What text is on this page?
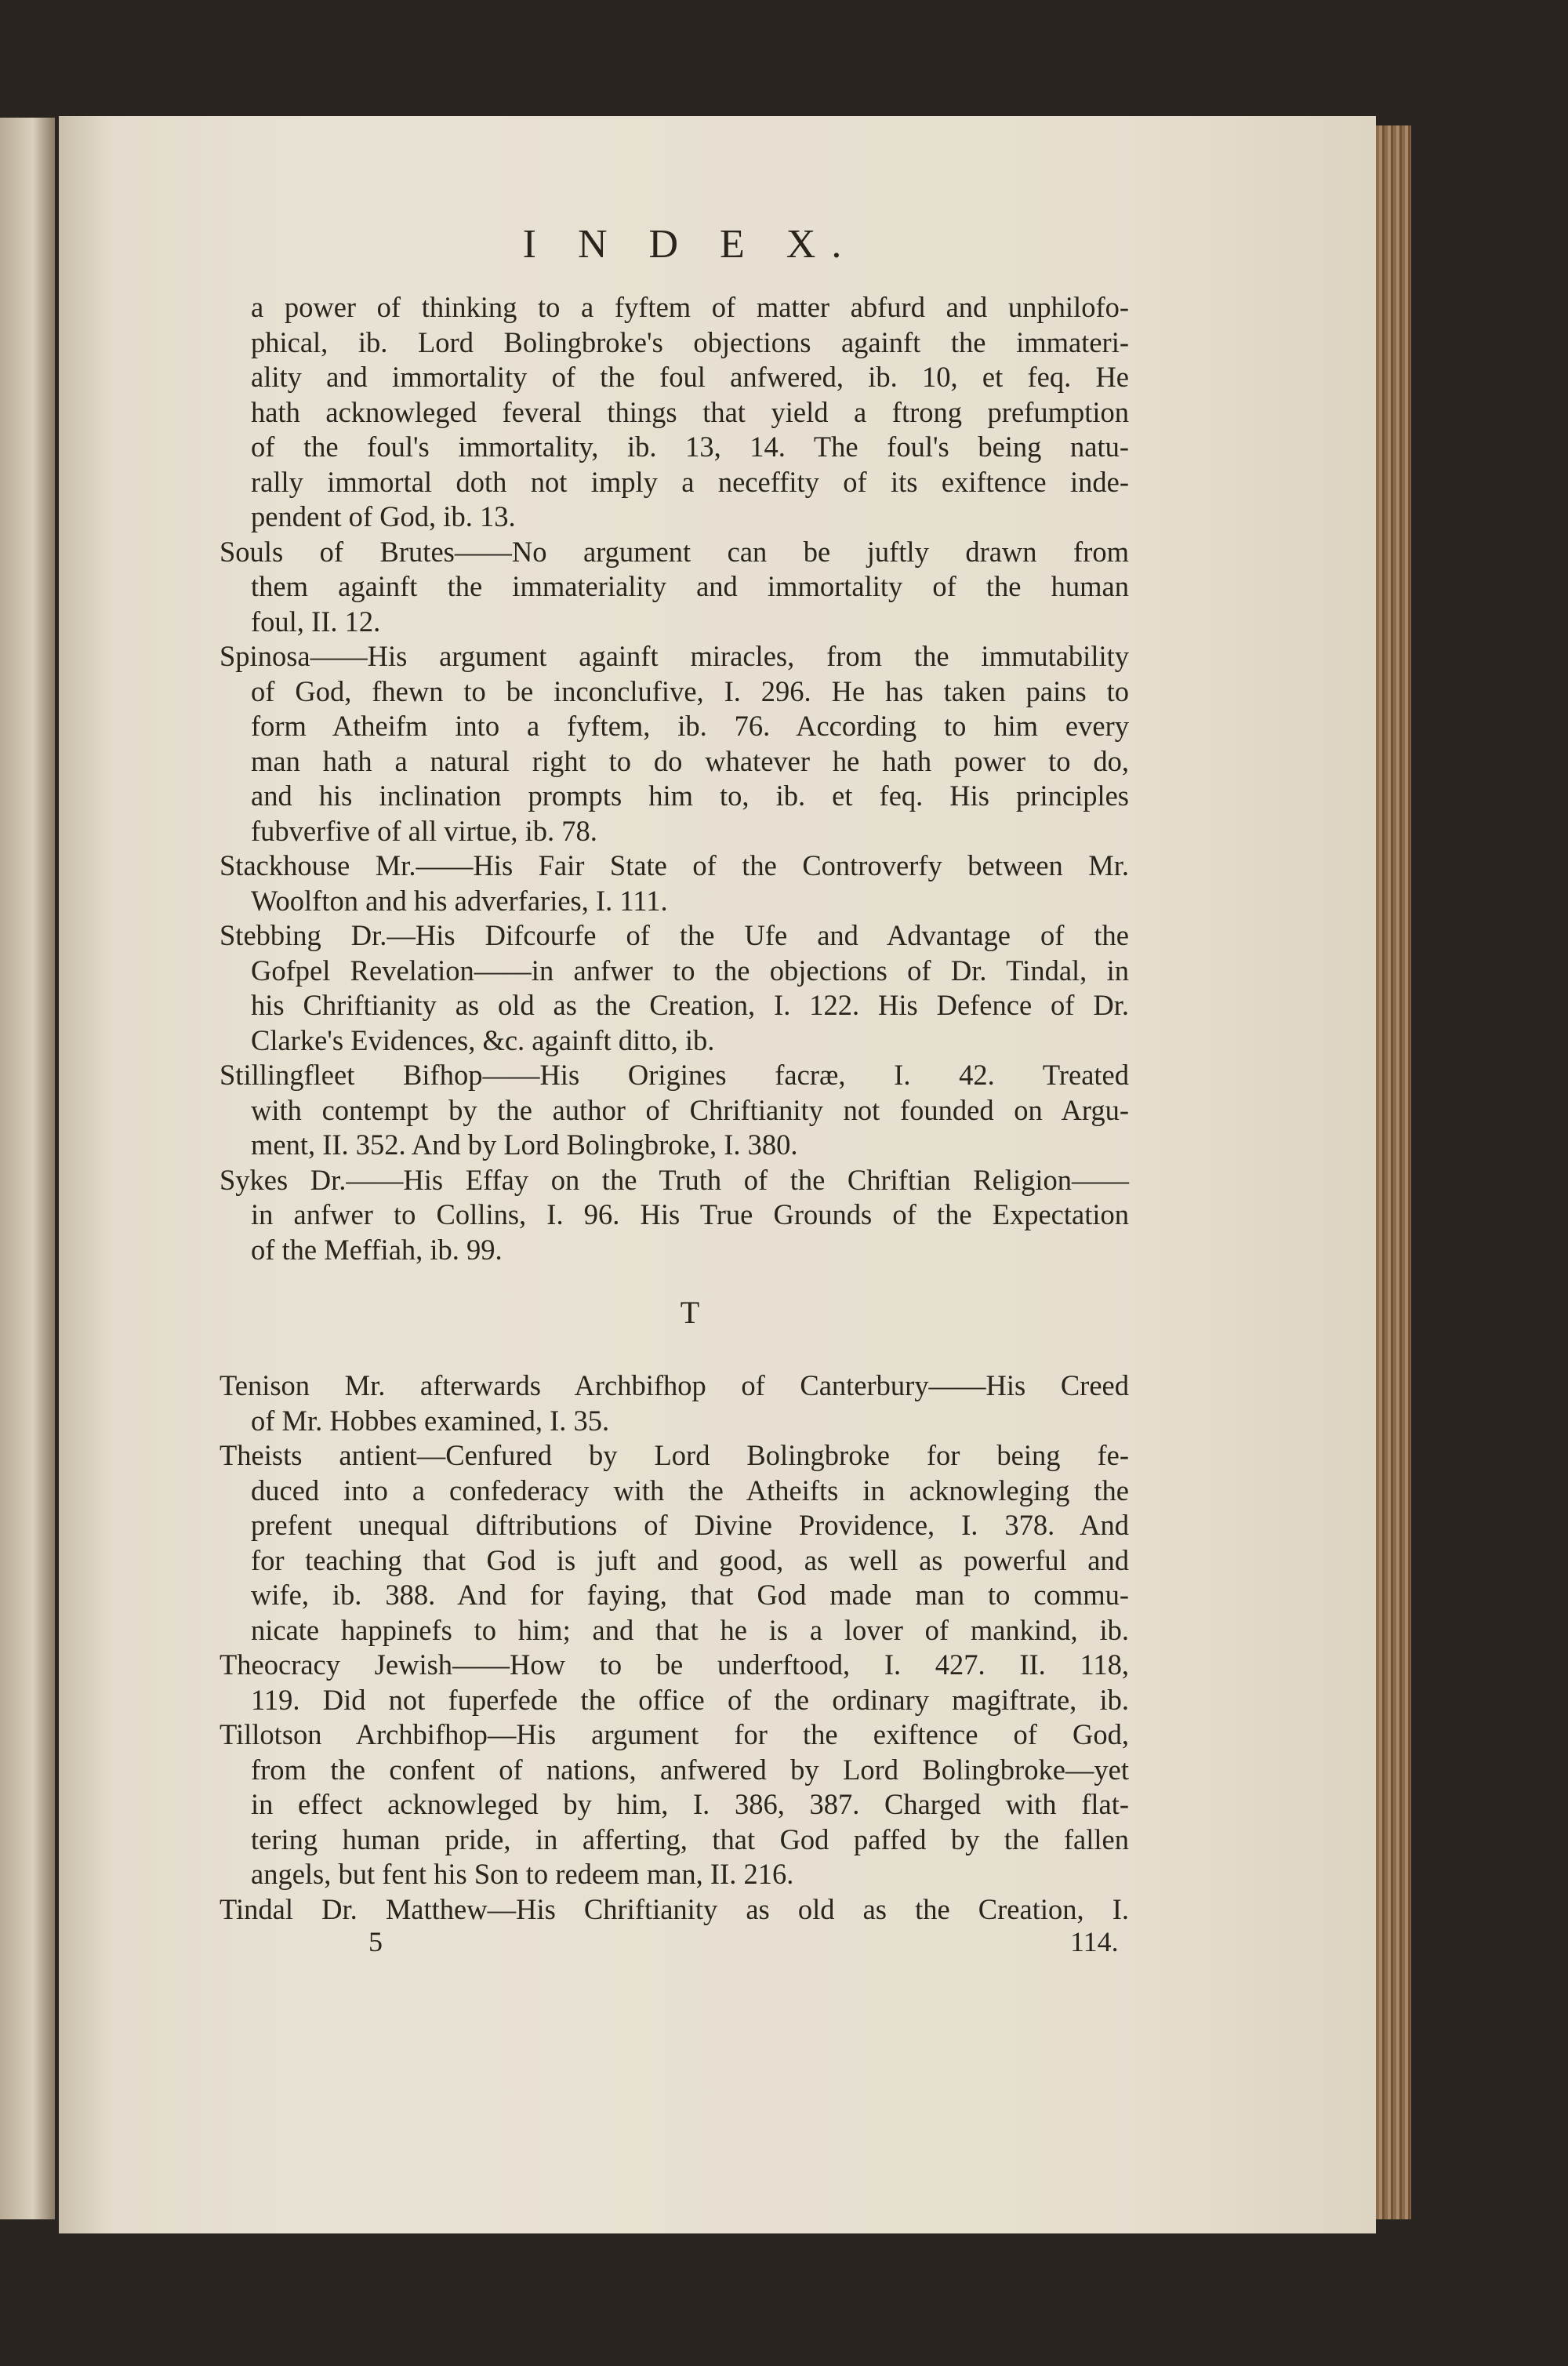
I N D E X.
a power of thinking to a fyftem of matter abfurd and unphilofo-
phical, ib. Lord Bolingbroke's objections againft the immateri-
ality and immortality of the foul anfwered, ib. 10, et feq. He
hath acknowleged feveral things that yield a ftrong prefumption
of the foul's immortality, ib. 13, 14. The foul's being natu-
rally immortal doth not imply a neceffity of its exiftence inde-
pendent of God, ib. 13.
Souls of Brutes——No argument can be juftly drawn from
them againft the immateriality and immortality of the human
foul, II. 12.
Spinosa——His argument againft miracles, from the immutability
of God, fhewn to be inconclufive, I. 296. He has taken pains to
form Atheifm into a fyftem, ib. 76. According to him every
man hath a natural right to do whatever he hath power to do,
and his inclination prompts him to, ib. et feq. His principles
fubverfive of all virtue, ib. 78.
Stackhouse Mr.——His Fair State of the Controverfy between Mr.
Woolfton and his adverfaries, I. 111.
Stebbing Dr.—His Difcourfe of the Ufe and Advantage of the
Gofpel Revelation——in anfwer to the objections of Dr. Tindal, in
his Chriftianity as old as the Creation, I. 122. His Defence of Dr.
Clarke's Evidences, &c. againft ditto, ib.
Stillingfleet Bifhop——His Origines facræ, I. 42. Treated
with contempt by the author of Chriftianity not founded on Argu-
ment, II. 352. And by Lord Bolingbroke, I. 380.
Sykes Dr.——His Effay on the Truth of the Chriftian Religion——
in anfwer to Collins, I. 96. His True Grounds of the Expectation
of the Meffiah, ib. 99.
T
Tenison Mr. afterwards Archbifhop of Canterbury——His Creed
of Mr. Hobbes examined, I. 35.
Theists antient—Cenfured by Lord Bolingbroke for being fe-
duced into a confederacy with the Atheifts in acknowleging the
prefent unequal diftributions of Divine Providence, I. 378. And
for teaching that God is juft and good, as well as powerful and
wife, ib. 388. And for faying, that God made man to commu-
nicate happinefs to him; and that he is a lover of mankind, ib.
Theocracy Jewish——How to be underftood, I. 427. II. 118,
119. Did not fuperfede the office of the ordinary magiftrate, ib.
Tillotson Archbifhop—His argument for the exiftence of God,
from the confent of nations, anfwered by Lord Bolingbroke—yet
in effect acknowleged by him, I. 386, 387. Charged with flat-
tering human pride, in afferting, that God paffed by the fallen
angels, but fent his Son to redeem man, II. 216.
Tindal Dr. Matthew—His Chriftianity as old as the Creation, I.
5	114.
